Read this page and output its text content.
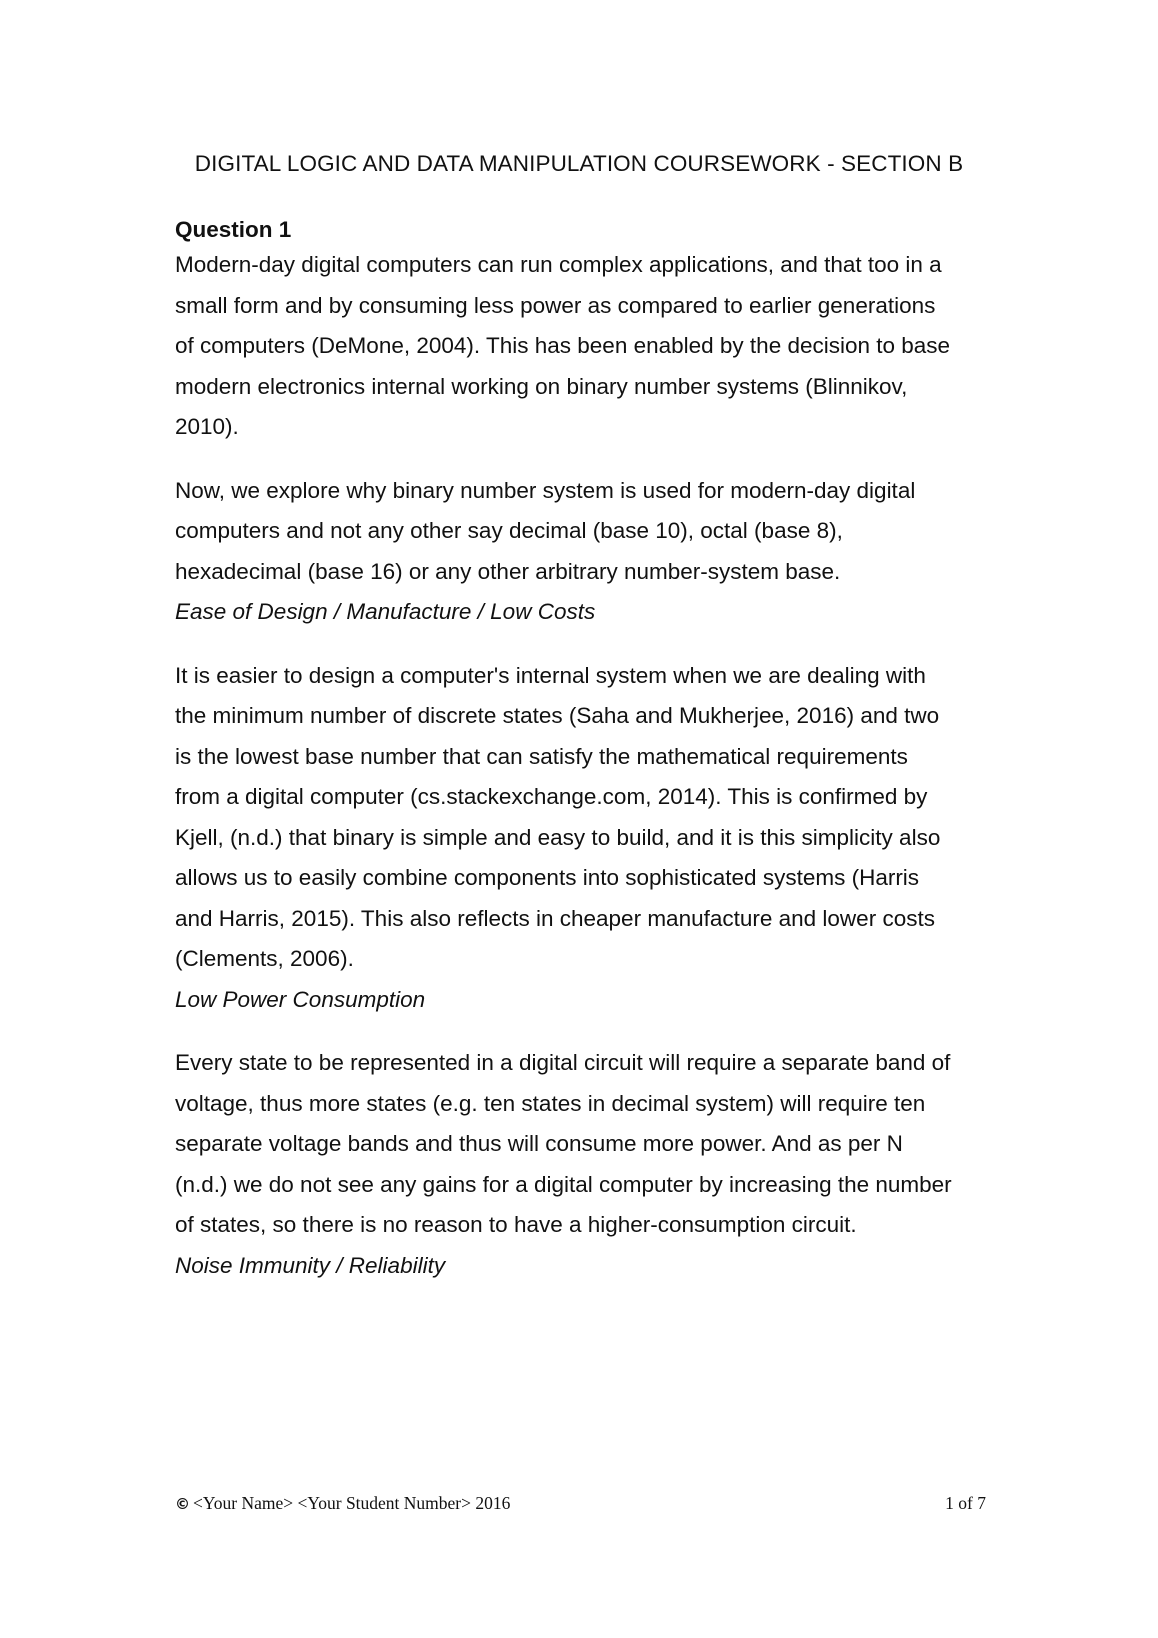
DIGITAL LOGIC AND DATA MANIPULATION COURSEWORK - SECTION B

Question 1

Modern-day digital computers can run complex applications, and that too in a
small form and by consuming less power as compared to earlier generations
of computers (DeMone, 2004). This has been enabled by the decision to base
modern electronics internal working on binary number systems (Blinnikov,
2010).
Now, we explore why binary number system is used for modern-day digital
computers and not any other say decimal (base 10), octal (base 8),
hexadecimal (base 16) or any other arbitrary number-system base.

Ease of Design / Manufacture / Low Costs

It is easier to design a computer's internal system when we are dealing with
the minimum number of discrete states (Saha and Mukherjee, 2016) and two
is the lowest base number that can satisfy the mathematical requirements
from a digital computer (cs.stackexchange.com, 2014). This is confirmed by
Kjell, (n.d.) that binary is simple and easy to build, and it is this simplicity also
allows us to easily combine components into sophisticated systems (Harris
and Harris, 2015). This also reflects in cheaper manufacture and lower costs
(Clements, 2006).

Low Power Consumption

Every state to be represented in a digital circuit will require a separate band of
voltage, thus more states (e.g. ten states in decimal system) will require ten
separate voltage bands and thus will consume more power. And as per N
(n.d.) we do not see any gains for a digital computer by increasing the number
of states, so there is no reason to have a higher-consumption circuit.

Noise Immunity / Reliability

© <Your Name> <Your Student Number> 2016	1 of 7
